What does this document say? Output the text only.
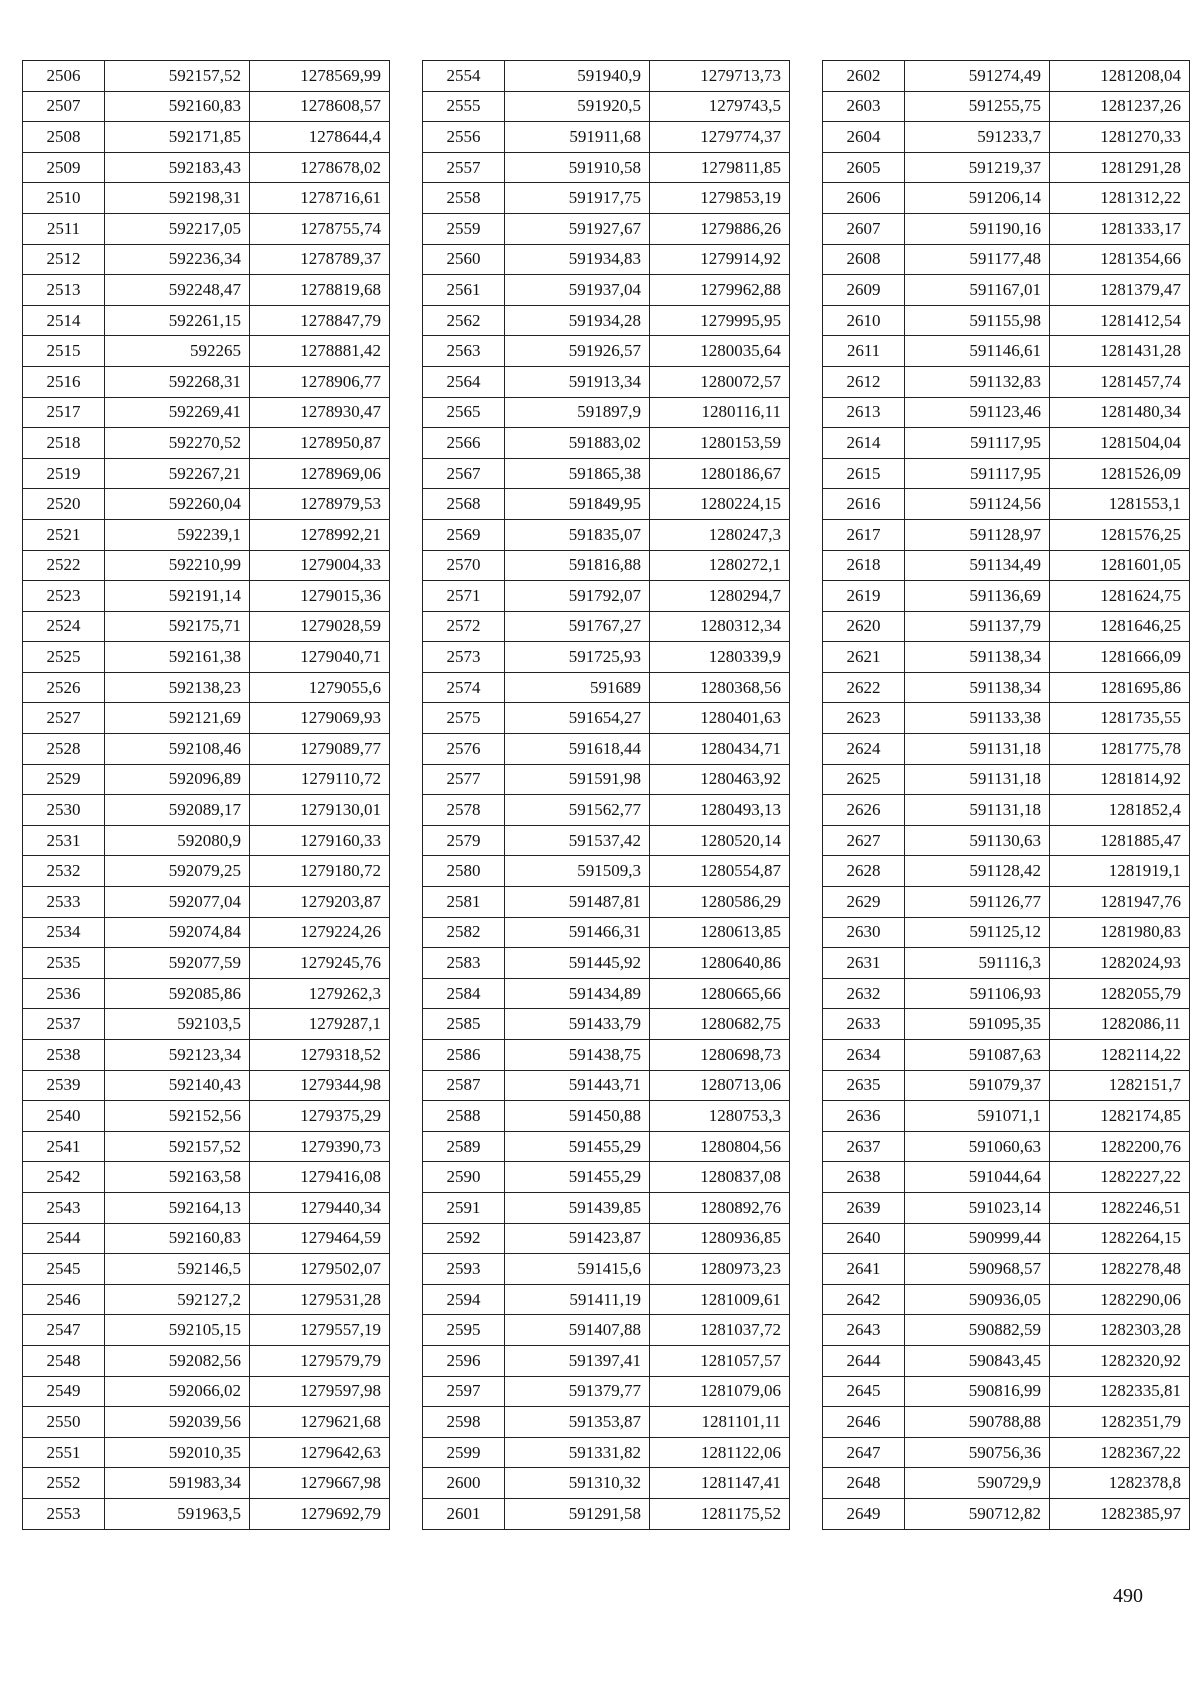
2506	592157,52	1278569,99
2507	592160,83	1278608,57
2508	592171,85	1278644,4
2509	592183,43	1278678,02
2510	592198,31	1278716,61
2511	592217,05	1278755,74
2512	592236,34	1278789,37
2513	592248,47	1278819,68
2514	592261,15	1278847,79
2515	592265	1278881,42
2516	592268,31	1278906,77
2517	592269,41	1278930,47
2518	592270,52	1278950,87
2519	592267,21	1278969,06
2520	592260,04	1278979,53
2521	592239,1	1278992,21
2522	592210,99	1279004,33
2523	592191,14	1279015,36
2524	592175,71	1279028,59
2525	592161,38	1279040,71
2526	592138,23	1279055,6
2527	592121,69	1279069,93
2528	592108,46	1279089,77
2529	592096,89	1279110,72
2530	592089,17	1279130,01
2531	592080,9	1279160,33
2532	592079,25	1279180,72
2533	592077,04	1279203,87
2534	592074,84	1279224,26
2535	592077,59	1279245,76
2536	592085,86	1279262,3
2537	592103,5	1279287,1
2538	592123,34	1279318,52
2539	592140,43	1279344,98
2540	592152,56	1279375,29
2541	592157,52	1279390,73
2542	592163,58	1279416,08
2543	592164,13	1279440,34
2544	592160,83	1279464,59
2545	592146,5	1279502,07
2546	592127,2	1279531,28
2547	592105,15	1279557,19
2548	592082,56	1279579,79
2549	592066,02	1279597,98
2550	592039,56	1279621,68
2551	592010,35	1279642,63
2552	591983,34	1279667,98
2553	591963,5	1279692,79
2554	591940,9	1279713,73
2555	591920,5	1279743,5
2556	591911,68	1279774,37
2557	591910,58	1279811,85
2558	591917,75	1279853,19
2559	591927,67	1279886,26
2560	591934,83	1279914,92
2561	591937,04	1279962,88
2562	591934,28	1279995,95
2563	591926,57	1280035,64
2564	591913,34	1280072,57
2565	591897,9	1280116,11
2566	591883,02	1280153,59
2567	591865,38	1280186,67
2568	591849,95	1280224,15
2569	591835,07	1280247,3
2570	591816,88	1280272,1
2571	591792,07	1280294,7
2572	591767,27	1280312,34
2573	591725,93	1280339,9
2574	591689	1280368,56
2575	591654,27	1280401,63
2576	591618,44	1280434,71
2577	591591,98	1280463,92
2578	591562,77	1280493,13
2579	591537,42	1280520,14
2580	591509,3	1280554,87
2581	591487,81	1280586,29
2582	591466,31	1280613,85
2583	591445,92	1280640,86
2584	591434,89	1280665,66
2585	591433,79	1280682,75
2586	591438,75	1280698,73
2587	591443,71	1280713,06
2588	591450,88	1280753,3
2589	591455,29	1280804,56
2590	591455,29	1280837,08
2591	591439,85	1280892,76
2592	591423,87	1280936,85
2593	591415,6	1280973,23
2594	591411,19	1281009,61
2595	591407,88	1281037,72
2596	591397,41	1281057,57
2597	591379,77	1281079,06
2598	591353,87	1281101,11
2599	591331,82	1281122,06
2600	591310,32	1281147,41
2601	591291,58	1281175,52
2602	591274,49	1281208,04
2603	591255,75	1281237,26
2604	591233,7	1281270,33
2605	591219,37	1281291,28
2606	591206,14	1281312,22
2607	591190,16	1281333,17
2608	591177,48	1281354,66
2609	591167,01	1281379,47
2610	591155,98	1281412,54
2611	591146,61	1281431,28
2612	591132,83	1281457,74
2613	591123,46	1281480,34
2614	591117,95	1281504,04
2615	591117,95	1281526,09
2616	591124,56	1281553,1
2617	591128,97	1281576,25
2618	591134,49	1281601,05
2619	591136,69	1281624,75
2620	591137,79	1281646,25
2621	591138,34	1281666,09
2622	591138,34	1281695,86
2623	591133,38	1281735,55
2624	591131,18	1281775,78
2625	591131,18	1281814,92
2626	591131,18	1281852,4
2627	591130,63	1281885,47
2628	591128,42	1281919,1
2629	591126,77	1281947,76
2630	591125,12	1281980,83
2631	591116,3	1282024,93
2632	591106,93	1282055,79
2633	591095,35	1282086,11
2634	591087,63	1282114,22
2635	591079,37	1282151,7
2636	591071,1	1282174,85
2637	591060,63	1282200,76
2638	591044,64	1282227,22
2639	591023,14	1282246,51
2640	590999,44	1282264,15
2641	590968,57	1282278,48
2642	590936,05	1282290,06
2643	590882,59	1282303,28
2644	590843,45	1282320,92
2645	590816,99	1282335,81
2646	590788,88	1282351,79
2647	590756,36	1282367,22
2648	590729,9	1282378,8
2649	590712,82	1282385,97
490
